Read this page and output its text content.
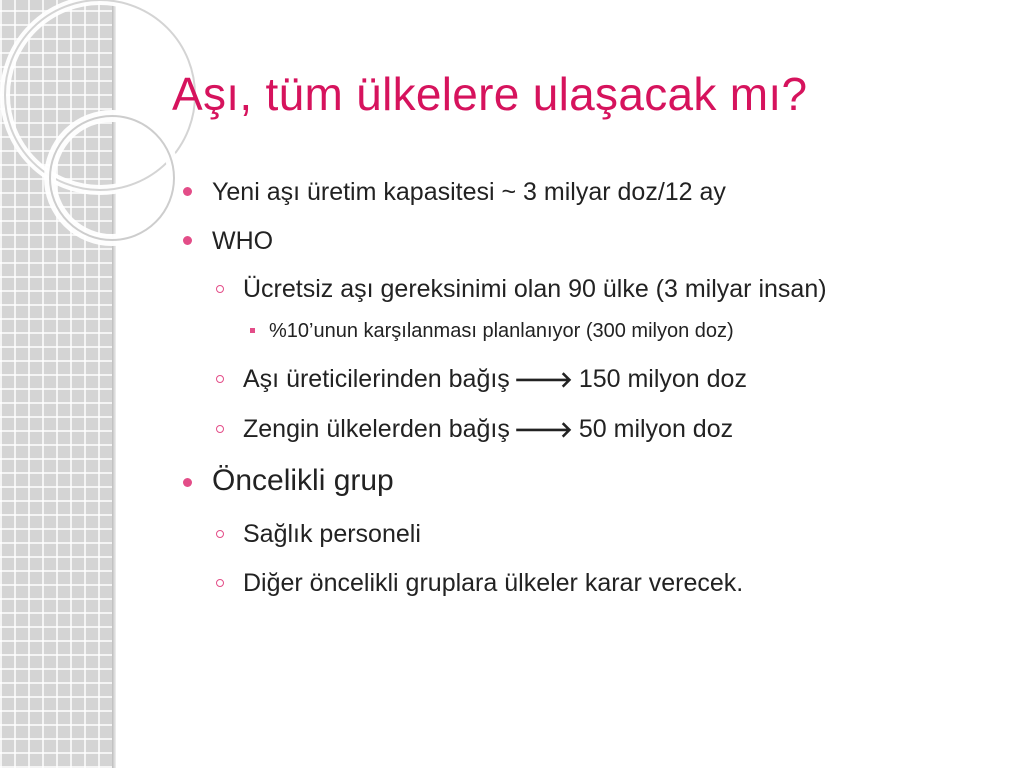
Aşı, tüm ülkelere ulaşacak mı?
Yeni aşı üretim kapasitesi ~ 3 milyar doz/12 ay
WHO
Ücretsiz aşı gereksinimi olan 90 ülke (3 milyar insan)
%10’unun karşılanması planlanıyor (300 milyon doz)
Aşı üreticilerinden bağış 🡒 150 milyon doz
Zengin ülkelerden bağış 🡒 50 milyon doz
Öncelikli grup
Sağlık personeli
Diğer öncelikli gruplara ülkeler karar verecek.
